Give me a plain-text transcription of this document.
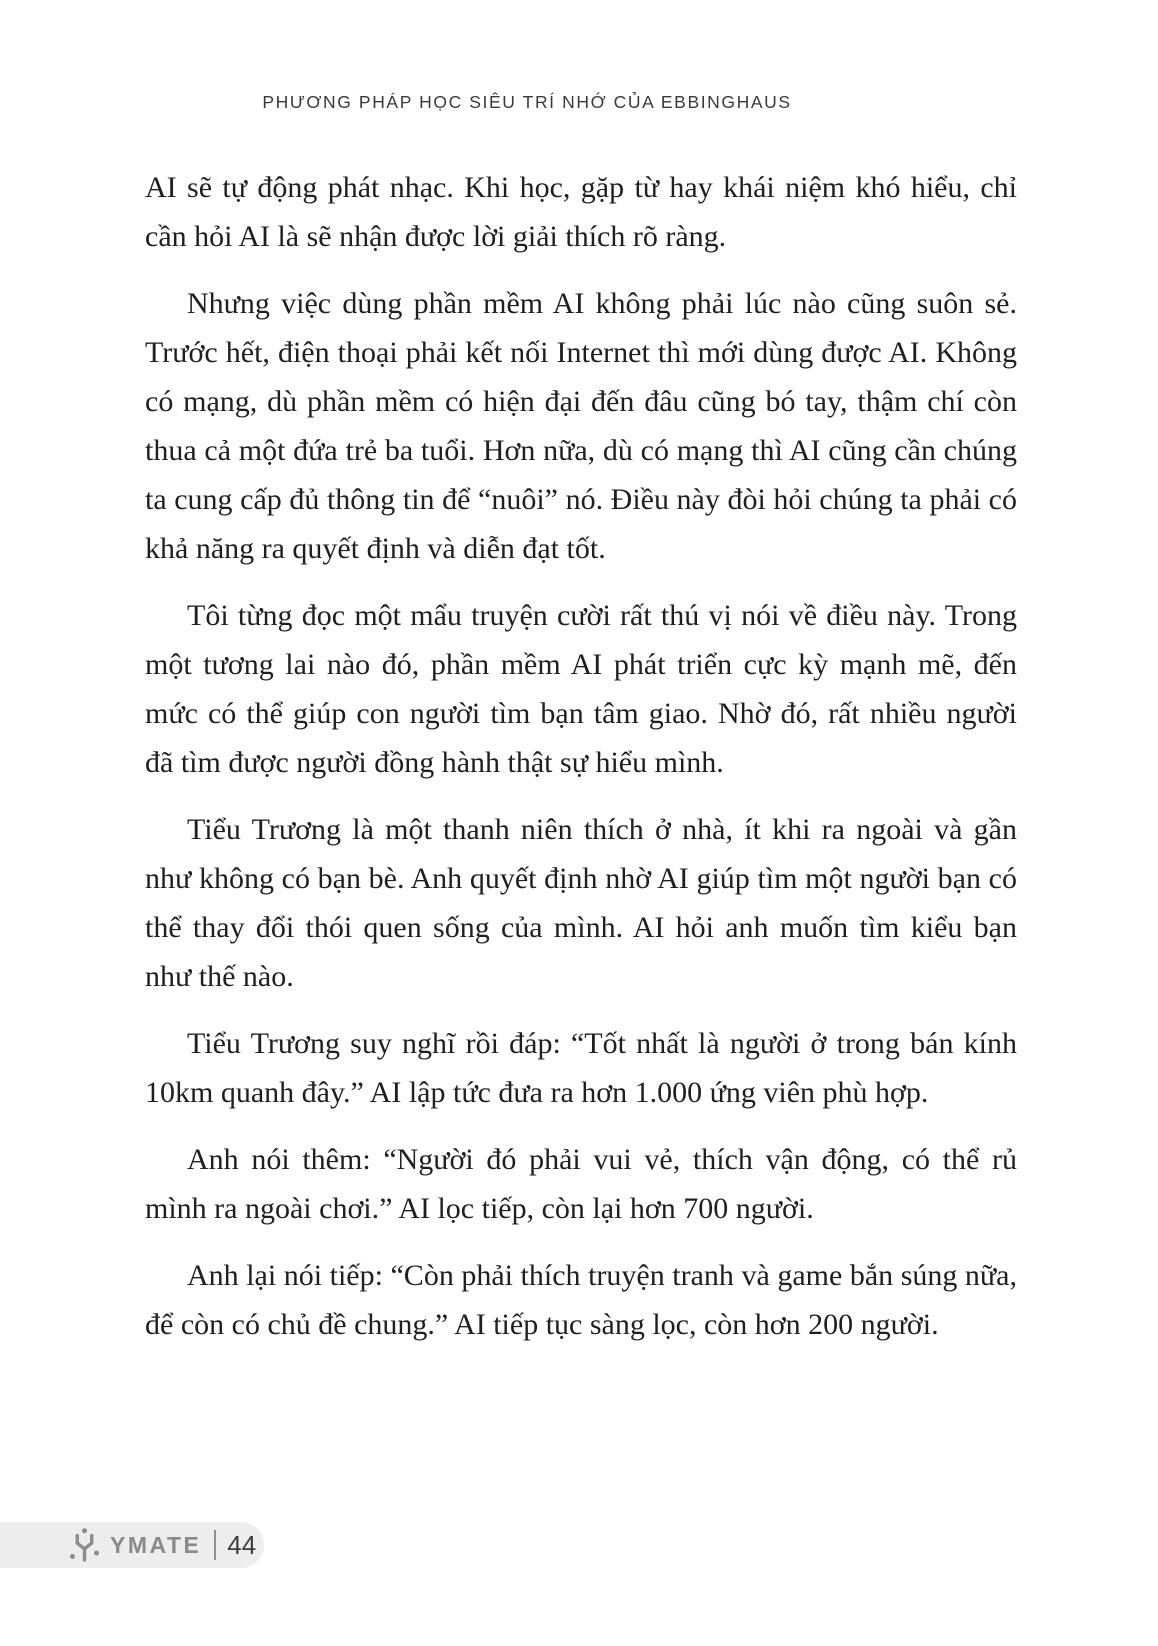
PHƯƠNG PHÁP HỌC SIÊU TRÍ NHỚ CỦA EBBINGHAUS

AI sẽ tự động phát nhạc. Khi học, gặp từ hay khái niệm khó hiểu, chỉ cần hỏi AI là sẽ nhận được lời giải thích rõ ràng.

Nhưng việc dùng phần mềm AI không phải lúc nào cũng suôn sẻ. Trước hết, điện thoại phải kết nối Internet thì mới dùng được AI. Không có mạng, dù phần mềm có hiện đại đến đâu cũng bó tay, thậm chí còn thua cả một đứa trẻ ba tuổi. Hơn nữa, dù có mạng thì AI cũng cần chúng ta cung cấp đủ thông tin để “nuôi” nó. Điều này đòi hỏi chúng ta phải có khả năng ra quyết định và diễn đạt tốt.

Tôi từng đọc một mẩu truyện cười rất thú vị nói về điều này. Trong một tương lai nào đó, phần mềm AI phát triển cực kỳ mạnh mẽ, đến mức có thể giúp con người tìm bạn tâm giao. Nhờ đó, rất nhiều người đã tìm được người đồng hành thật sự hiểu mình.

Tiểu Trương là một thanh niên thích ở nhà, ít khi ra ngoài và gần như không có bạn bè. Anh quyết định nhờ AI giúp tìm một người bạn có thể thay đổi thói quen sống của mình. AI hỏi anh muốn tìm kiểu bạn như thế nào.

Tiểu Trương suy nghĩ rồi đáp: “Tốt nhất là người ở trong bán kính 10km quanh đây.” AI lập tức đưa ra hơn 1.000 ứng viên phù hợp.

Anh nói thêm: “Người đó phải vui vẻ, thích vận động, có thể rủ mình ra ngoài chơi.” AI lọc tiếp, còn lại hơn 700 người.

Anh lại nói tiếp: “Còn phải thích truyện tranh và game bắn súng nữa, để còn có chủ đề chung.” AI tiếp tục sàng lọc, còn hơn 200 người.

YMATE 44
